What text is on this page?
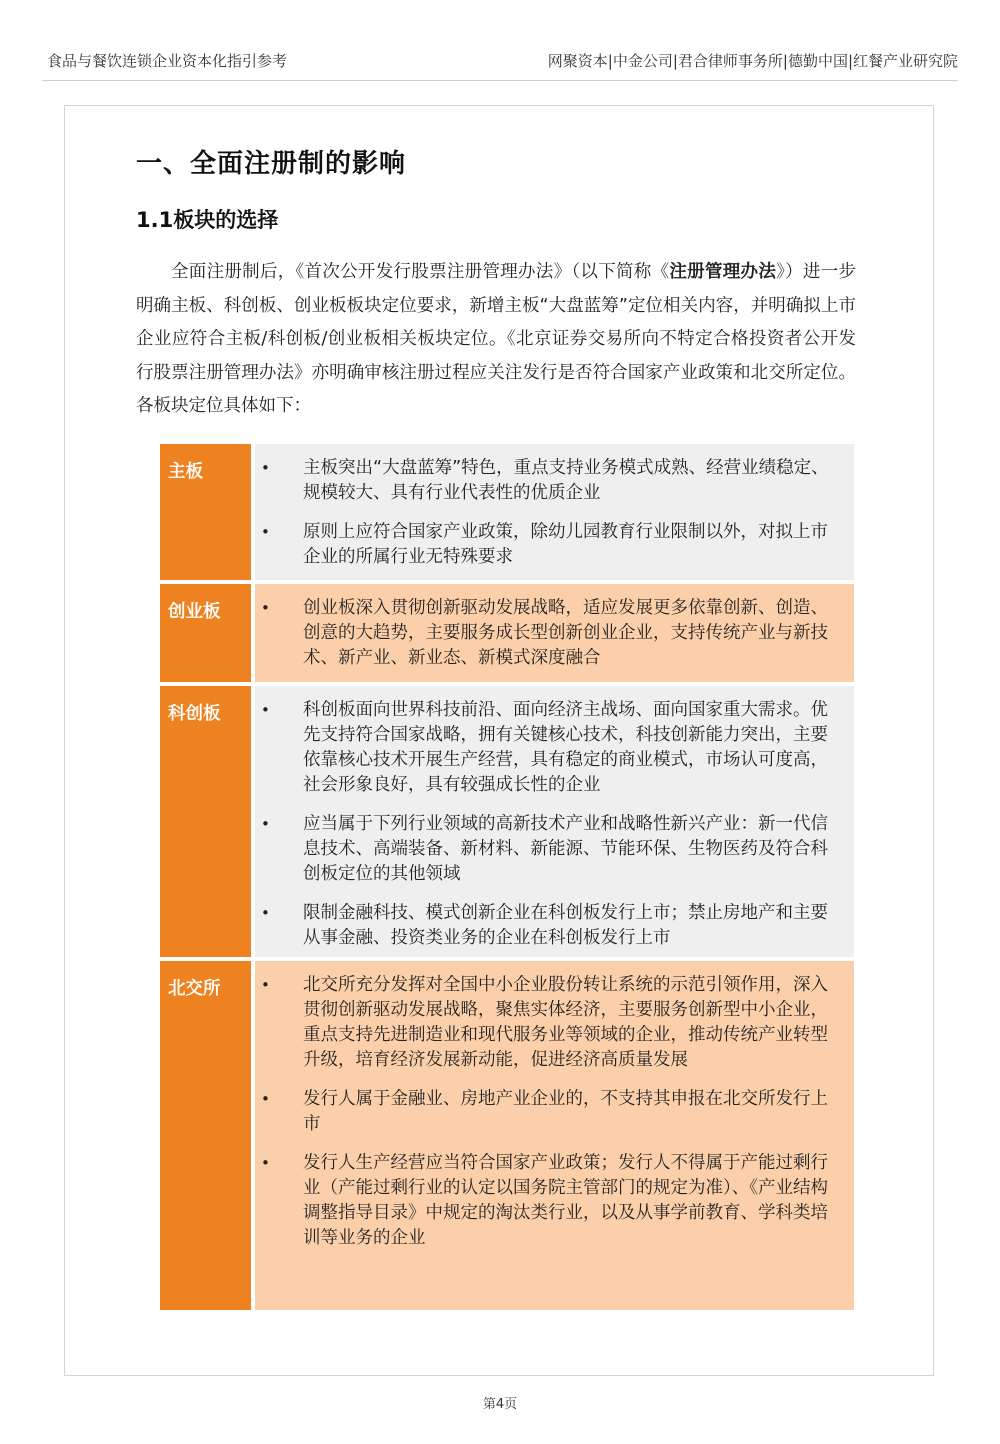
食品与餐饮连锁企业资本化指引参考	网聚资本|中金公司|君合律师事务所|德勤中国|红餐产业研究院
一、全面注册制的影响
1.1板块的选择

全面注册制后，《首次公开发行股票注册管理办法》（以下简称《注册管理办法》）进一步明确主板、科创板、创业板板块定位要求，新增主板“大盘蓝筹”定位相关内容，并明确拟上市企业应符合主板/科创板/创业板相关板块定位。《北京证券交易所向不特定合格投资者公开发行股票注册管理办法》亦明确审核注册过程应关注发行是否符合国家产业政策和北交所定位。各板块定位具体如下：

主板	•	主板突出“大盘蓝筹”特色，重点支持业务模式成熟、经营业绩稳定、规模较大、具有行业代表性的优质企业
•	原则上应符合国家产业政策，除幼儿园教育行业限制以外，对拟上市企业的所属行业无特殊要求
创业板	•	创业板深入贯彻创新驱动发展战略，适应发展更多依靠创新、创造、创意的大趋势，主要服务成长型创新创业企业，支持传统产业与新技术、新产业、新业态、新模式深度融合
科创板	•	科创板面向世界科技前沿、面向经济主战场、面向国家重大需求。优先支持符合国家战略，拥有关键核心技术，科技创新能力突出，主要依靠核心技术开展生产经营，具有稳定的商业模式，市场认可度高，社会形象良好，具有较强成长性的企业
•	应当属于下列行业领域的高新技术产业和战略性新兴产业：新一代信息技术、高端装备、新材料、新能源、节能环保、生物医药及符合科创板定位的其他领域
•	限制金融科技、模式创新企业在科创板发行上市；禁止房地产和主要从事金融、投资类业务的企业在科创板发行上市
北交所	•	北交所充分发挥对全国中小企业股份转让系统的示范引领作用，深入贯彻创新驱动发展战略，聚焦实体经济，主要服务创新型中小企业，重点支持先进制造业和现代服务业等领域的企业，推动传统产业转型升级，培育经济发展新动能，促进经济高质量发展
•	发行人属于金融业、房地产业企业的，不支持其申报在北交所发行上市
•	发行人生产经营应当符合国家产业政策；发行人不得属于产能过剩行业（产能过剩行业的认定以国务院主管部门的规定为准）、《产业结构调整指导目录》中规定的淘汰类行业，以及从事学前教育、学科类培训等业务的企业
第4页
